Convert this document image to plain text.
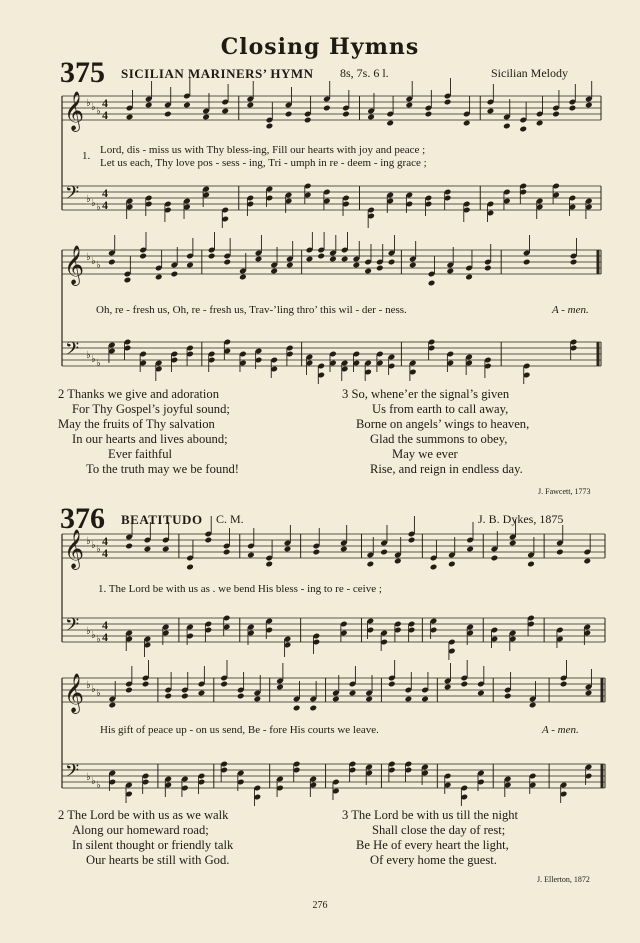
Closing Hymns
375 SICILIAN MARINERS’ HYMN 8s, 7s. 6 l.	Sicilian Melody
𝄞
𝄢
♭
♭
♭
♭
♭
♭
4
4
4
4
𝄞
𝄢
♭
♭
♭
♭
♭
♭
𝄞
𝄢
♭
♭
♭
♭
♭
♭
4
4
4
4
𝄞
𝄢
♭
♭
♭
♭
♭
♭
1. Lord, dis - miss us with Thy bless-ing, Fill our hearts with joy and peace ;
Let us each, Thy love pos - sess - ing, Tri - umph in re - deem - ing grace ;
Oh, re - fresh us, Oh, re - fresh us, Trav-’ling thro’ this wil - der - ness.	A - men.
2 Thanks we give and adoration
For Thy Gospel’s joyful sound;
May the fruits of Thy salvation
In our hearts and lives abound;
Ever faithful
To the truth may we be found!
3 So, whene’er the signal’s given
Us from earth to call away,
Borne on angels’ wings to heaven,
Glad the summons to obey,
May we ever
Rise, and reign in endless day.
J. Fawcett, 1773
376 BEATITUDO C. M.	J. B. Dykes, 1875
1. The Lord be with us as . we bend His bless - ing to re - ceive ;
His gift of peace up - on us send, Be - fore His courts we leave.	A - men.
2 The Lord be with us as we walk
Along our homeward road;
In silent thought or friendly talk
Our hearts be still with God.
3 The Lord be with us till the night
Shall close the day of rest;
Be He of every heart the light,
Of every home the guest.
J. Ellerton, 1872
276
